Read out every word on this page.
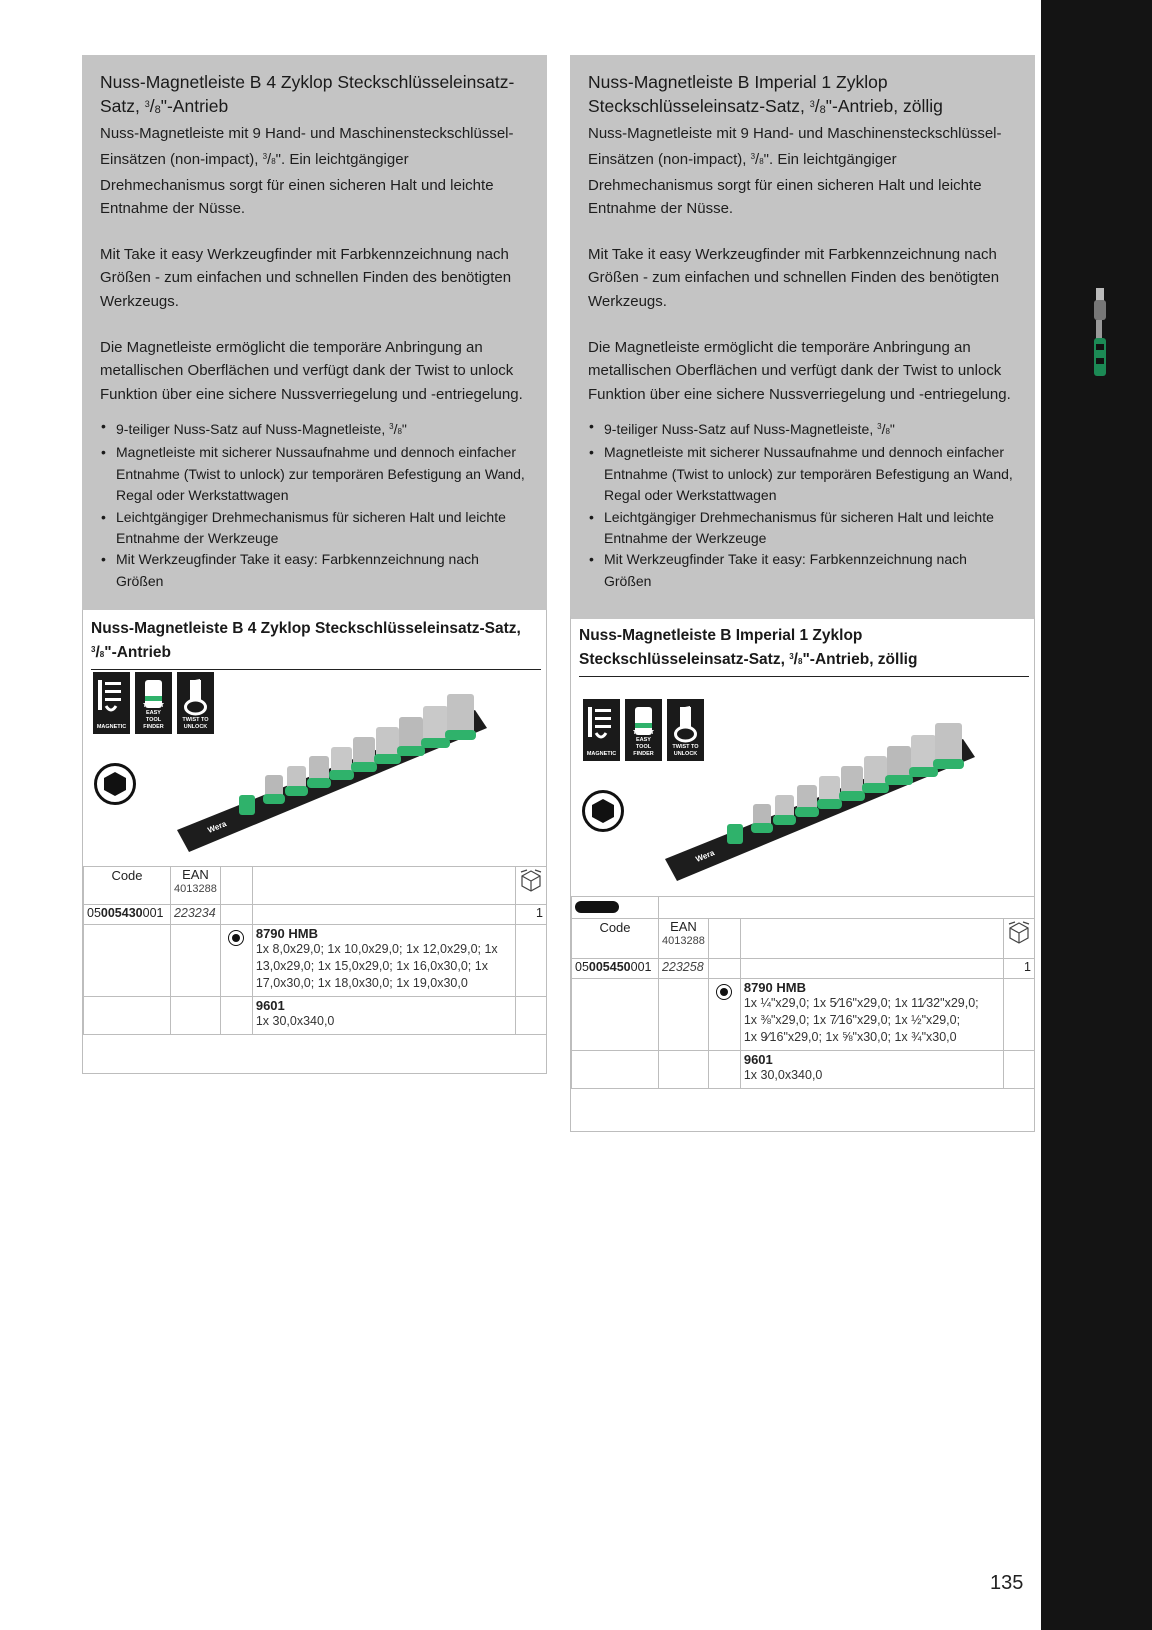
135
Nuss-Magnetleiste B 4 Zyklop Steckschlüsseleinsatz-
Satz, $^3/_8$"-Antrieb

Nuss-Magnetleiste mit 9 Hand- und Maschinensteckschlüssel-Einsätzen (non-impact), $^3$/8". Ein leichtgängiger Drehmechanismus sorgt für einen sicheren Halt und leichte Entnahme der Nüsse.

Mit Take it easy Werkzeugfinder mit Farbkennzeichnung nach Größen - zum einfachen und schnellen Finden des benötigten Werkzeugs.

Die Magnetleiste ermöglicht die temporäre Anbringung an metallischen Oberflächen und verfügt dank der Twist to unlock Funktion über eine sichere Nussverriegelung und -entriegelung.

• 9-teiliger Nuss-Satz auf Nuss-Magnetleiste, $^3$/8"
• Magnetleiste mit sicherer Nussaufnahme und dennoch einfacher Entnahme (Twist to unlock) zur temporären Befestigung an Wand, Regal oder Werkstattwagen
• Leichtgängiger Drehmechanismus für sicheren Halt und leichte Entnahme der Werkzeuge
• Mit Werkzeugfinder Take it easy: Farbkennzeichnung nach Größen
Nuss-Magnetleiste B 4 Zyklop Steckschlüsseleinsatz-Satz,
$^3$/8"-Antrieb
MAGNETIC
TAKE IT EASY
TOOL FINDER
TWIST TO
UNLOCK
Wera
Code	EAN
4013288

05005430001	223234			1

			8790 HMB
1x 8,0x29,0; 1x 10,0x29,0; 1x 12,0x29,0; 1x 13,0x29,0; 1x 15,0x29,0; 1x 16,0x30,0; 1x 17,0x30,0; 1x 18,0x30,0; 1x 19,0x30,0	

			9601
1x 30,0x340,0	

Nuss-Magnetleiste B Imperial 1 Zyklop
Steckschlüsseleinsatz-Satz, $^3/_8$"-Antrieb, zöllig

Nuss-Magnetleiste mit 9 Hand- und Maschinensteckschlüssel-Einsätzen (non-impact), $^3$/8". Ein leichtgängiger Drehmechanismus sorgt für einen sicheren Halt und leichte Entnahme der Nüsse.

Mit Take it easy Werkzeugfinder mit Farbkennzeichnung nach Größen - zum einfachen und schnellen Finden des benötigten Werkzeugs.

Die Magnetleiste ermöglicht die temporäre Anbringung an metallischen Oberflächen und verfügt dank der Twist to unlock Funktion über eine sichere Nussverriegelung und -entriegelung.

• 9-teiliger Nuss-Satz auf Nuss-Magnetleiste, $^3$/8"
• Magnetleiste mit sicherer Nussaufnahme und dennoch einfacher Entnahme (Twist to unlock) zur temporären Befestigung an Wand, Regal oder Werkstattwagen
• Leichtgängiger Drehmechanismus für sicheren Halt und leichte Entnahme der Werkzeuge
• Mit Werkzeugfinder Take it easy: Farbkennzeichnung nach Größen
Nuss-Magnetleiste B Imperial 1 Zyklop
Steckschlüsseleinsatz-Satz, $^3$/8"-Antrieb, zöllig
MAGNETIC
TAKE IT EASY
TOOL FINDER
TWIST TO
UNLOCK
Wera

Code	EAN
4013288

05005450001	223258			1

			8790 HMB
1x ¼"x29,0; 1x 5⁄16"x29,0; 1x 11⁄32"x29,0;
1x ⅜"x29,0; 1x 7⁄16"x29,0; 1x ½"x29,0;
1x 9⁄16"x29,0; 1x ⅝"x30,0; 1x ¾"x30,0	

			9601
1x 30,0x340,0	
